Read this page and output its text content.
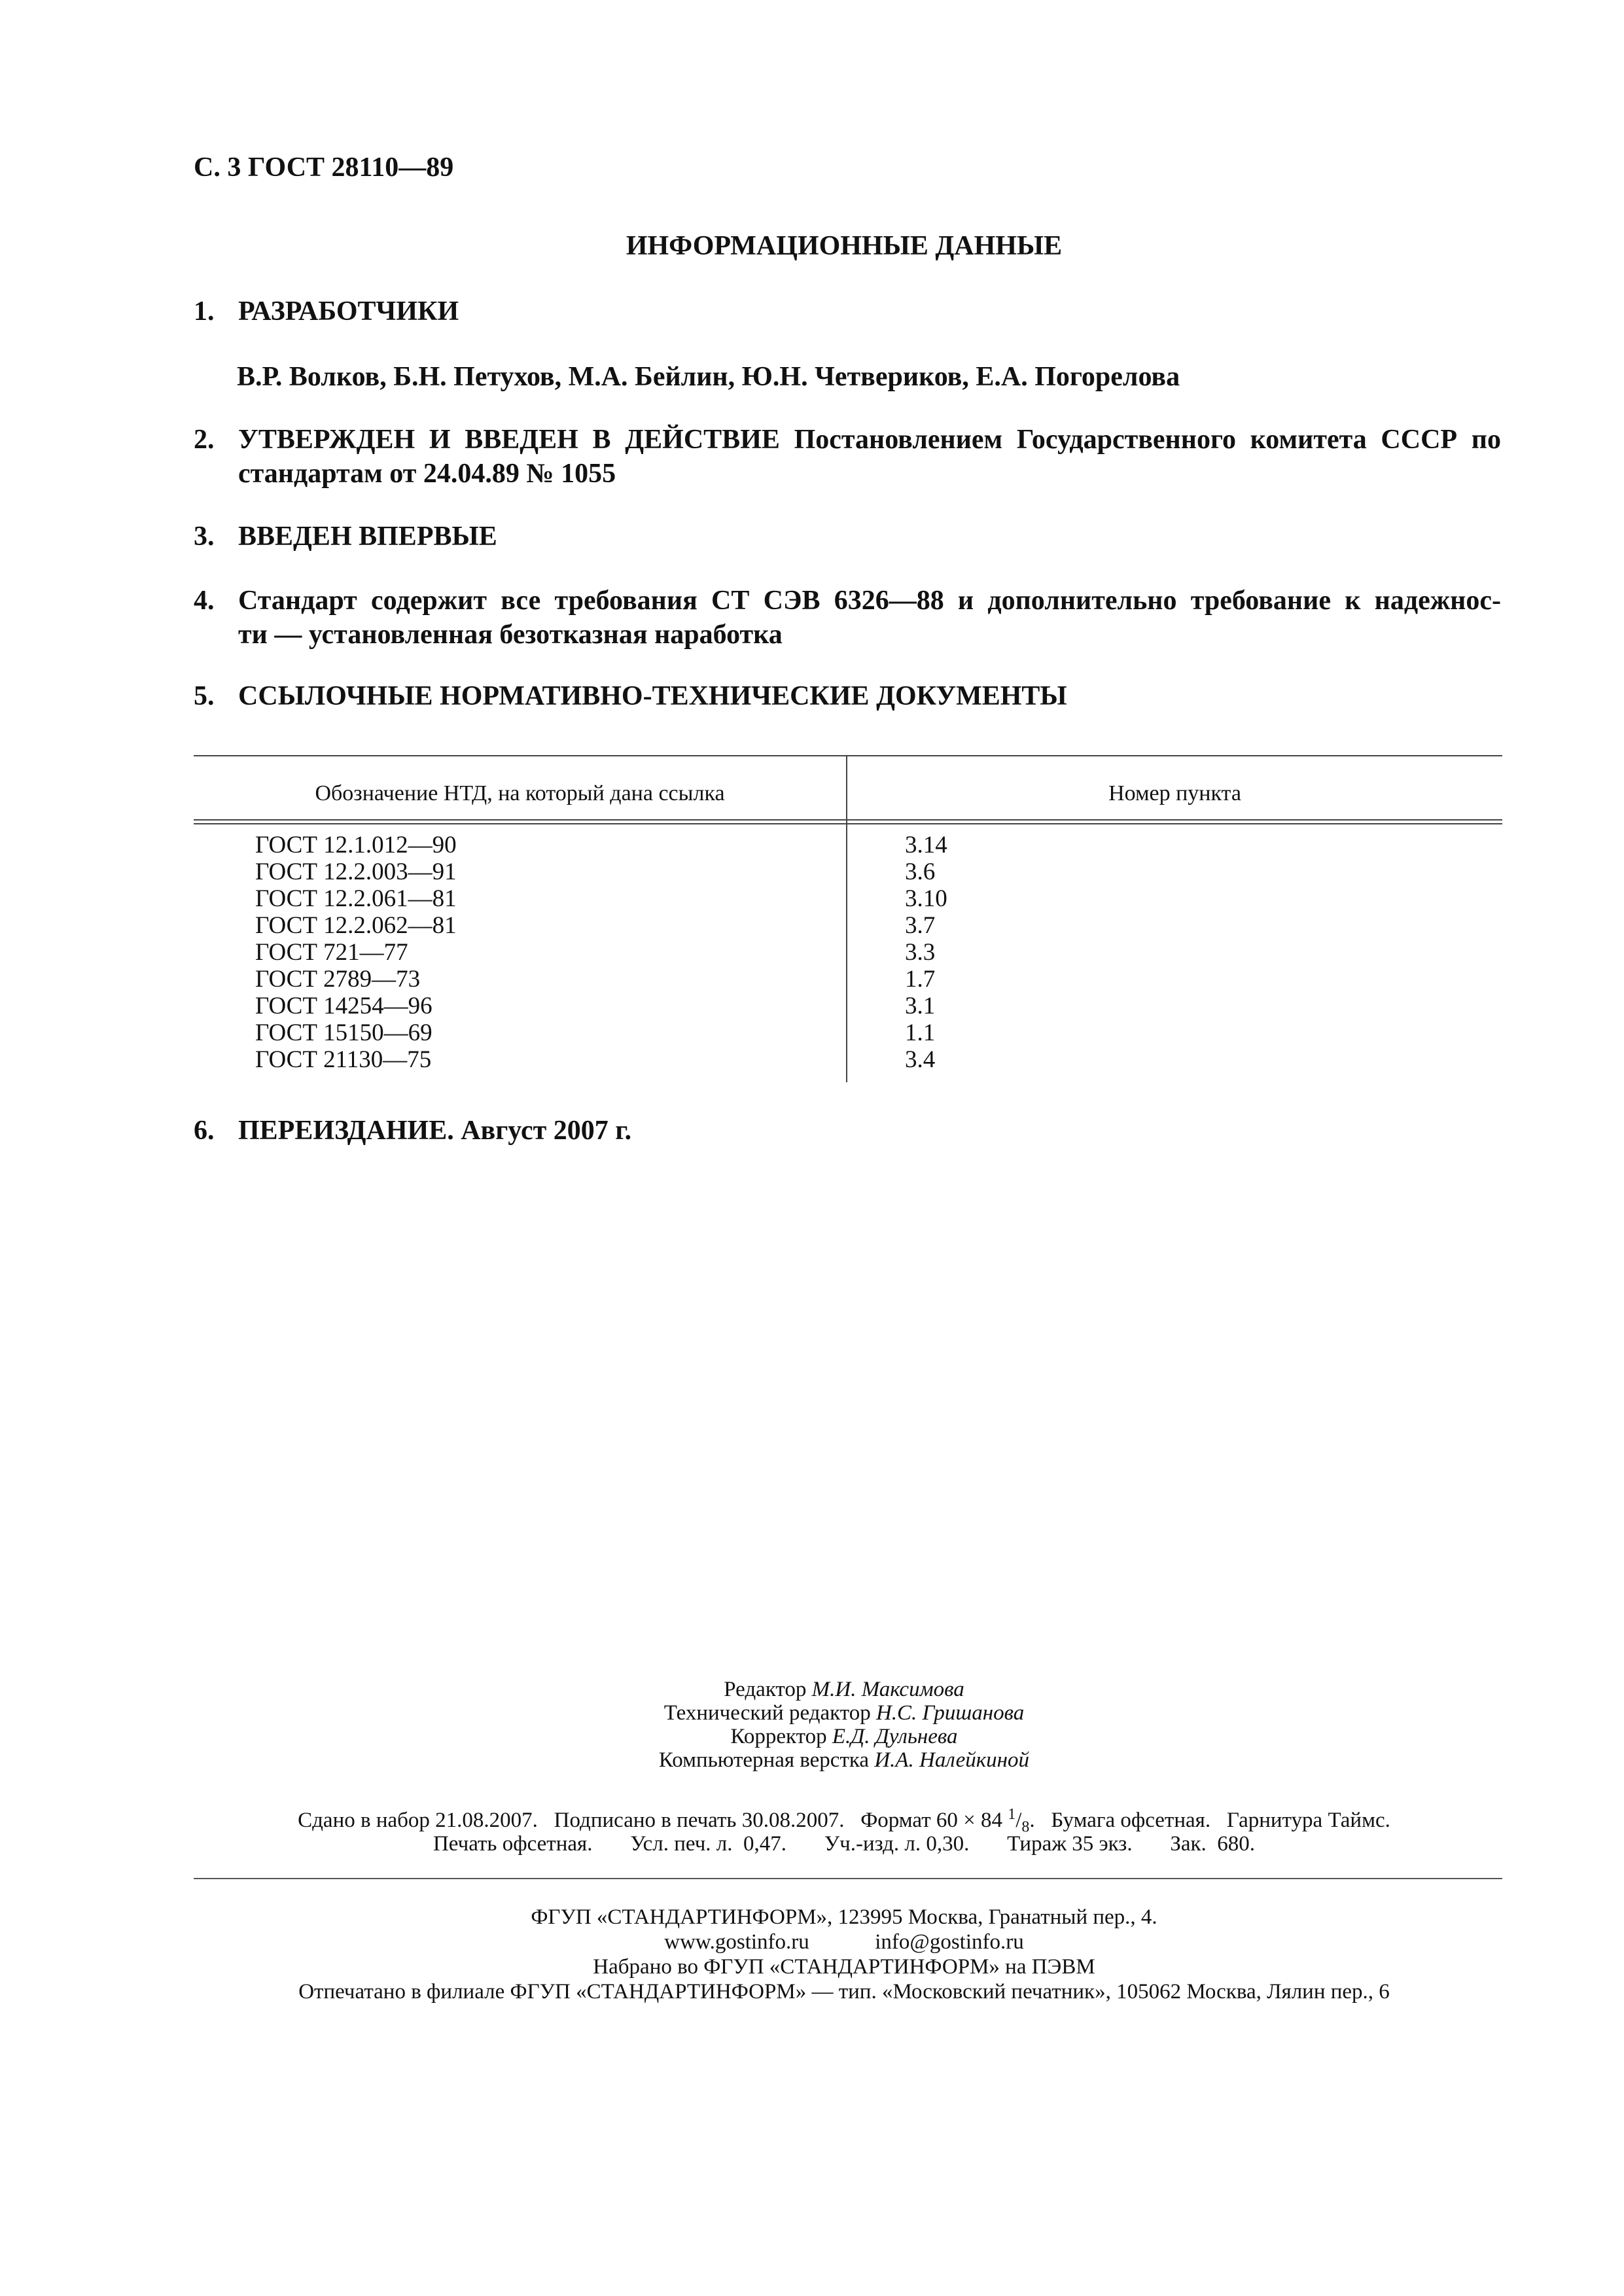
С. 3 ГОСТ 28110—89
ИНФОРМАЦИОННЫЕ ДАННЫЕ
1. РАЗРАБОТЧИКИ
В.Р. Волков, Б.Н. Петухов, М.А. Бейлин, Ю.Н. Четвериков, Е.А. Погорелова
2. УТВЕРЖДЕН И ВВЕДЕН В ДЕЙСТВИЕ Постановлением Государственного комитета СССР по
стандартам от 24.04.89 № 1055
3. ВВЕДЕН ВПЕРВЫЕ
4. Стандарт содержит все требования СТ СЭВ 6326—88 и дополнительно требование к надежнос-
ти — установленная безотказная наработка
5. ССЫЛОЧНЫЕ НОРМАТИВНО-ТЕХНИЧЕСКИЕ ДОКУМЕНТЫ
Обозначение НТД, на который дана ссылка	Номер пункта
ГОСТ 12.1.012—90	3.14
ГОСТ 12.2.003—91	3.6
ГОСТ 12.2.061—81	3.10
ГОСТ 12.2.062—81	3.7
ГОСТ 721—77	3.3
ГОСТ 2789—73	1.7
ГОСТ 14254—96	3.1
ГОСТ 15150—69	1.1
ГОСТ 21130—75	3.4
6. ПЕРЕИЗДАНИЕ. Август 2007 г.
Редактор М.И. Максимова
Технический редактор Н.С. Гришанова
Корректор Е.Д. Дульнева
Компьютерная верстка И.А. Налейкиной
Сдано в набор 21.08.2007.   Подписано в печать 30.08.2007.   Формат 60 × 84 $^1/_8$.   Бумага офсетная.   Гарнитура Таймс.
Печать офсетная.       Усл. печ. л.  0,47.       Уч.-изд. л. 0,30.       Тираж 35 экз.       Зак.  680.
ФГУП «СТАНДАРТИНФОРМ», 123995 Москва, Гранатный пер., 4.
www.gostinfo.ru	info@gostinfo.ru
Набрано во ФГУП «СТАНДАРТИНФОРМ» на ПЭВМ
Отпечатано в филиале ФГУП «СТАНДАРТИНФОРМ» — тип. «Московский печатник», 105062 Москва, Лялин пер., 6
